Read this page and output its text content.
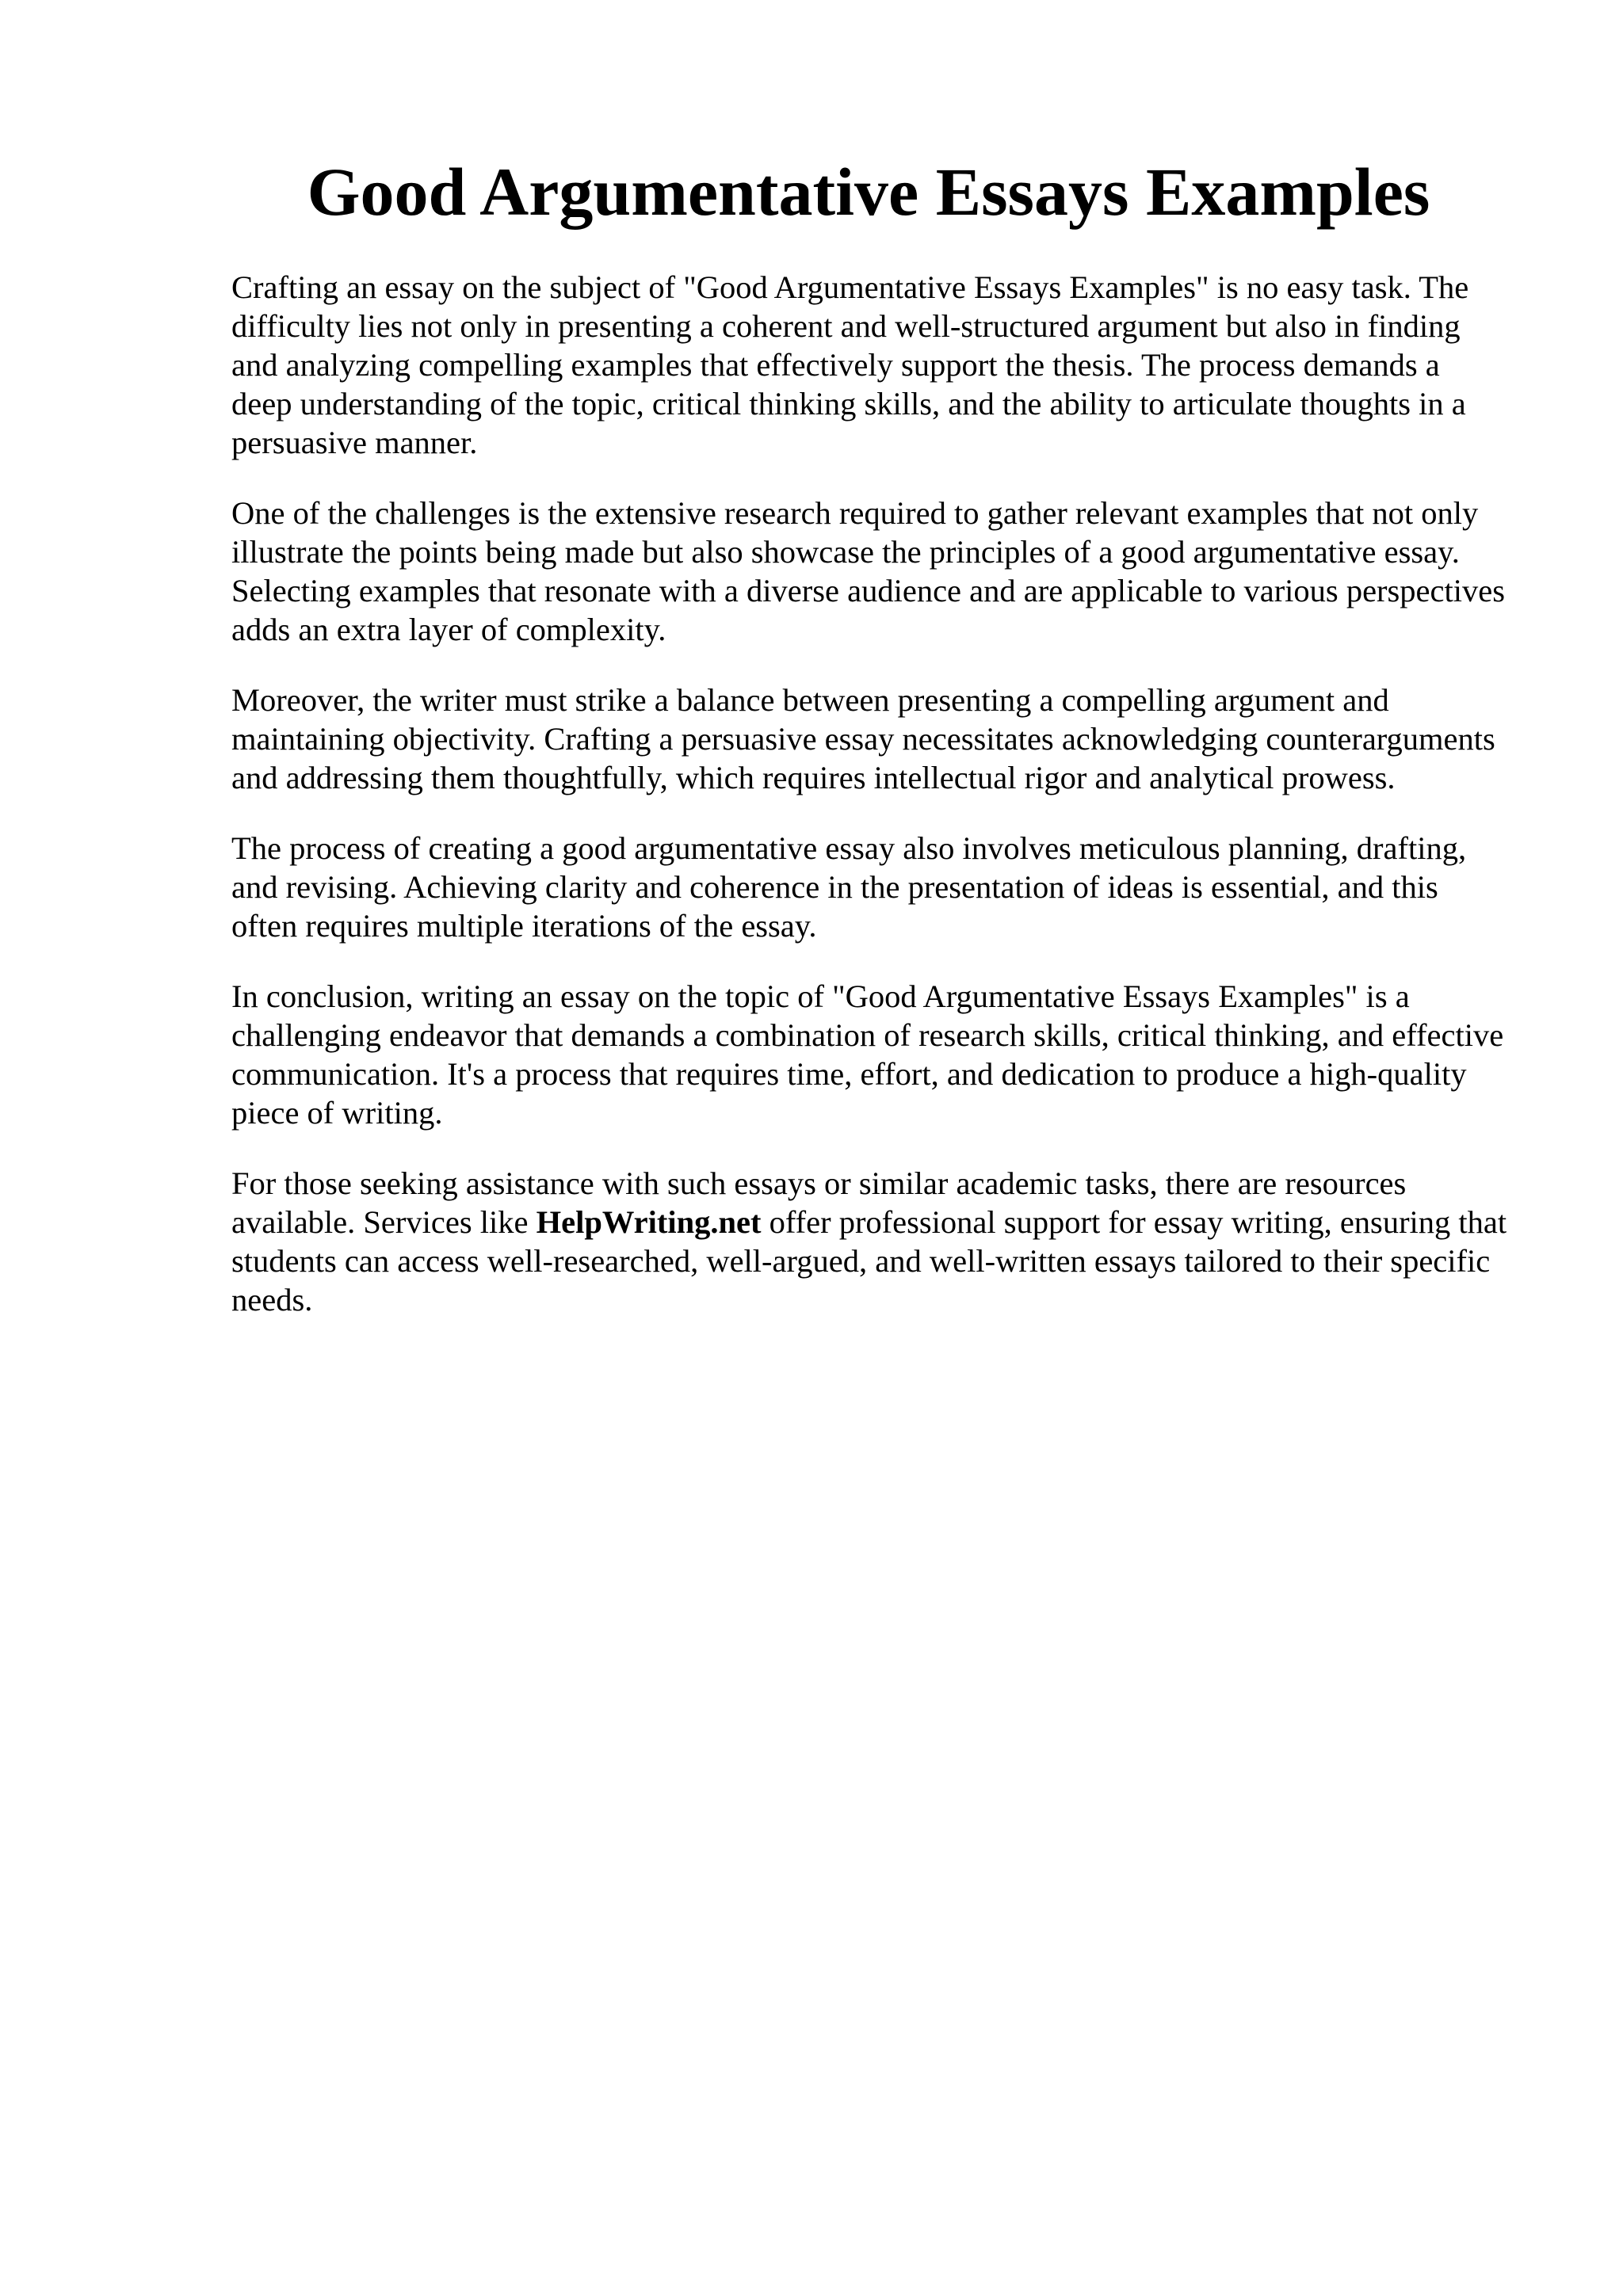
Good Argumentative Essays Examples

Crafting an essay on the subject of "Good Argumentative Essays Examples" is no easy task. The difficulty lies not only in presenting a coherent and well-structured argument but also in finding and analyzing compelling examples that effectively support the thesis. The process demands a deep understanding of the topic, critical thinking skills, and the ability to articulate thoughts in a persuasive manner.

One of the challenges is the extensive research required to gather relevant examples that not only illustrate the points being made but also showcase the principles of a good argumentative essay. Selecting examples that resonate with a diverse audience and are applicable to various perspectives adds an extra layer of complexity.

Moreover, the writer must strike a balance between presenting a compelling argument and maintaining objectivity. Crafting a persuasive essay necessitates acknowledging counterarguments and addressing them thoughtfully, which requires intellectual rigor and analytical prowess.

The process of creating a good argumentative essay also involves meticulous planning, drafting, and revising. Achieving clarity and coherence in the presentation of ideas is essential, and this often requires multiple iterations of the essay.

In conclusion, writing an essay on the topic of "Good Argumentative Essays Examples" is a challenging endeavor that demands a combination of research skills, critical thinking, and effective communication. It's a process that requires time, effort, and dedication to produce a high-quality piece of writing.

For those seeking assistance with such essays or similar academic tasks, there are resources available. Services like HelpWriting.net offer professional support for essay writing, ensuring that students can access well-researched, well-argued, and well-written essays tailored to their specific needs.
